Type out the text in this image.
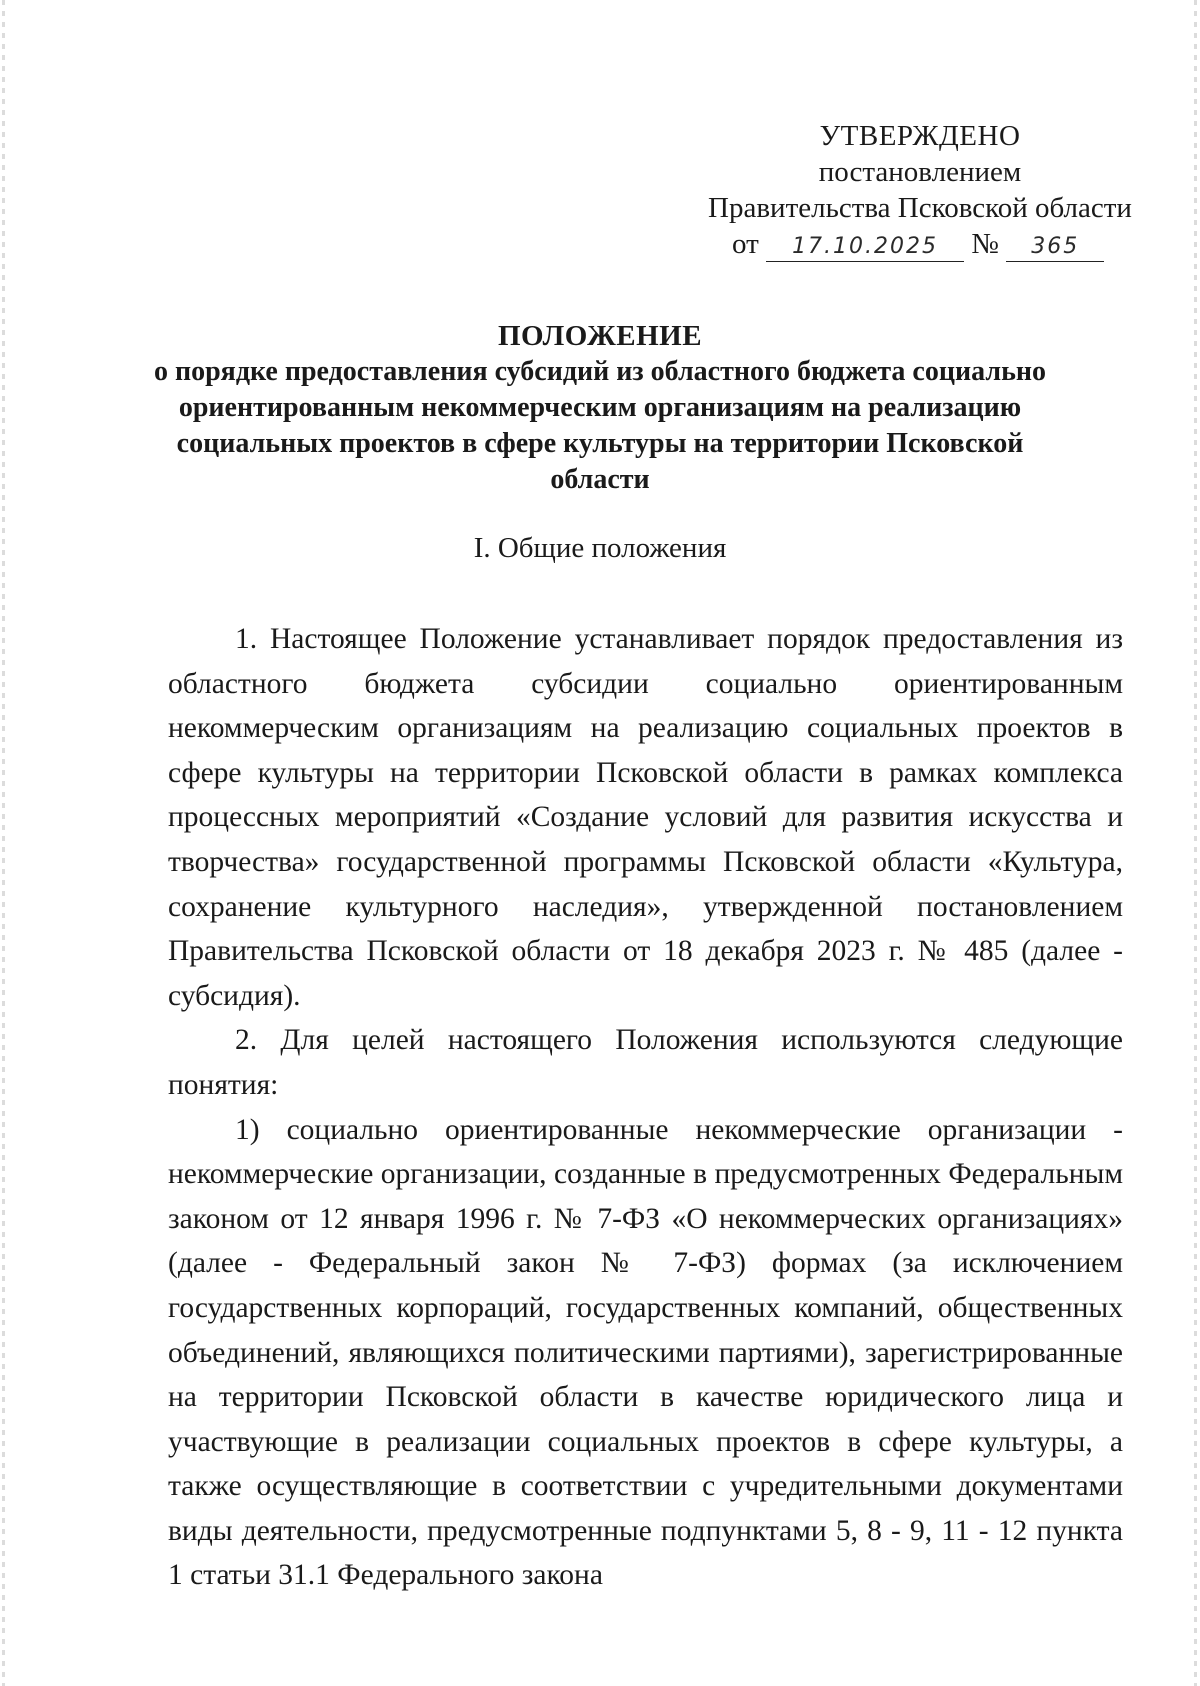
УТВЕРЖДЕНО
постановлением
Правительства Псковской области
от 17.10.2025 № 365
ПОЛОЖЕНИЕ
о порядке предоставления субсидий из областного бюджета социально ориентированным некоммерческим организациям на реализацию социальных проектов в сфере культуры на территории Псковской области
I. Общие положения

1. Настоящее Положение устанавливает порядок предоставления из областного бюджета субсидии социально ориентированным некоммерческим организациям на реализацию социальных проектов в сфере культуры на территории Псковской области в рамках комплекса процессных мероприятий «Создание условий для развития искусства и творчества» государственной программы Псковской области «Культура, сохранение культурного наследия», утвержденной постановлением Правительства Псковской области от 18 декабря 2023 г. № 485 (далее - субсидия).

2. Для целей настоящего Положения используются следующие понятия:

1) социально ориентированные некоммерческие организации - некоммерческие организации, созданные в предусмотренных Федеральным законом от 12 января 1996 г. № 7-ФЗ «О некоммерческих организациях» (далее - Федеральный закон № 7-ФЗ) формах (за исключением государственных корпораций, государственных компаний, общественных объединений, являющихся политическими партиями), зарегистрированные на территории Псковской области в качестве юридического лица и участвующие в реализации социальных проектов в сфере культуры, а также осуществляющие в соответствии с учредительными документами виды деятельности, предусмотренные подпунктами 5, 8 - 9, 11 - 12 пункта 1 статьи 31.1 Федерального закона
